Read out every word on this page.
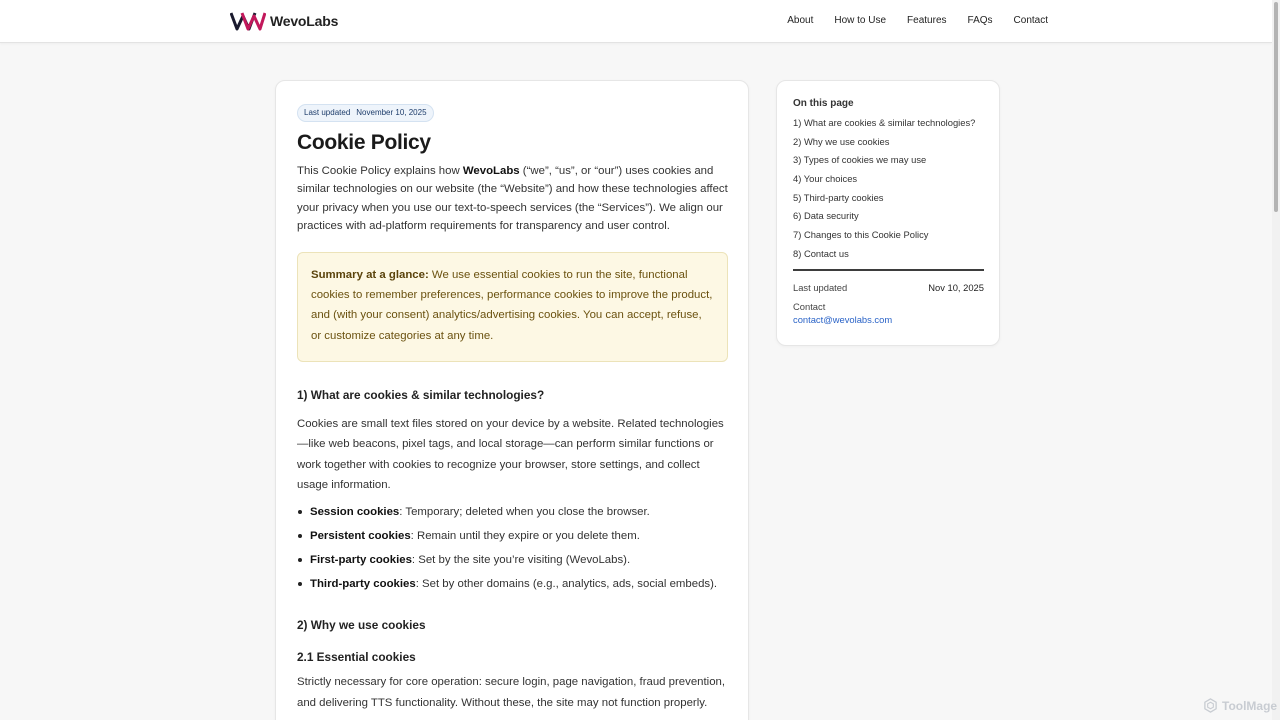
WevoLabs	About How to Use Features FAQs Contact
Last updated November 10, 2025
Cookie Policy

This Cookie Policy explains how WevoLabs (“we”, “us”, or “our”) uses cookies and similar technologies on our website (the “Website”) and how these technologies affect your privacy when you use our text-to-speech services (the “Services”). We align our practices with ad-platform requirements for transparency and user control.

Summary at a glance: We use essential cookies to run the site, functional cookies to remember preferences, performance cookies to improve the product, and (with your consent) analytics/advertising cookies. You can accept, refuse, or customize categories at any time.
1) What are cookies & similar technologies?

Cookies are small text files stored on your device by a website. Related technologies—like web beacons, pixel tags, and local storage—can perform similar functions or work together with cookies to recognize your browser, store settings, and collect usage information.

Session cookies: Temporary; deleted when you close the browser.
Persistent cookies: Remain until they expire or you delete them.
First-party cookies: Set by the site you’re visiting (WevoLabs).
Third-party cookies: Set by other domains (e.g., analytics, ads, social embeds).
2) Why we use cookies
2.1 Essential cookies

Strictly necessary for core operation: secure login, page navigation, fraud prevention, and delivering TTS functionality. Without these, the site may not function properly.

On this page
1) What are cookies & similar technologies?
2) Why we use cookies
3) Types of cookies we may use
4) Your choices
5) Third-party cookies
6) Data security
7) Changes to this Cookie Policy
8) Contact us
Last updated	Nov 10, 2025
Contact
contact@wevolabs.com
ToolMage
